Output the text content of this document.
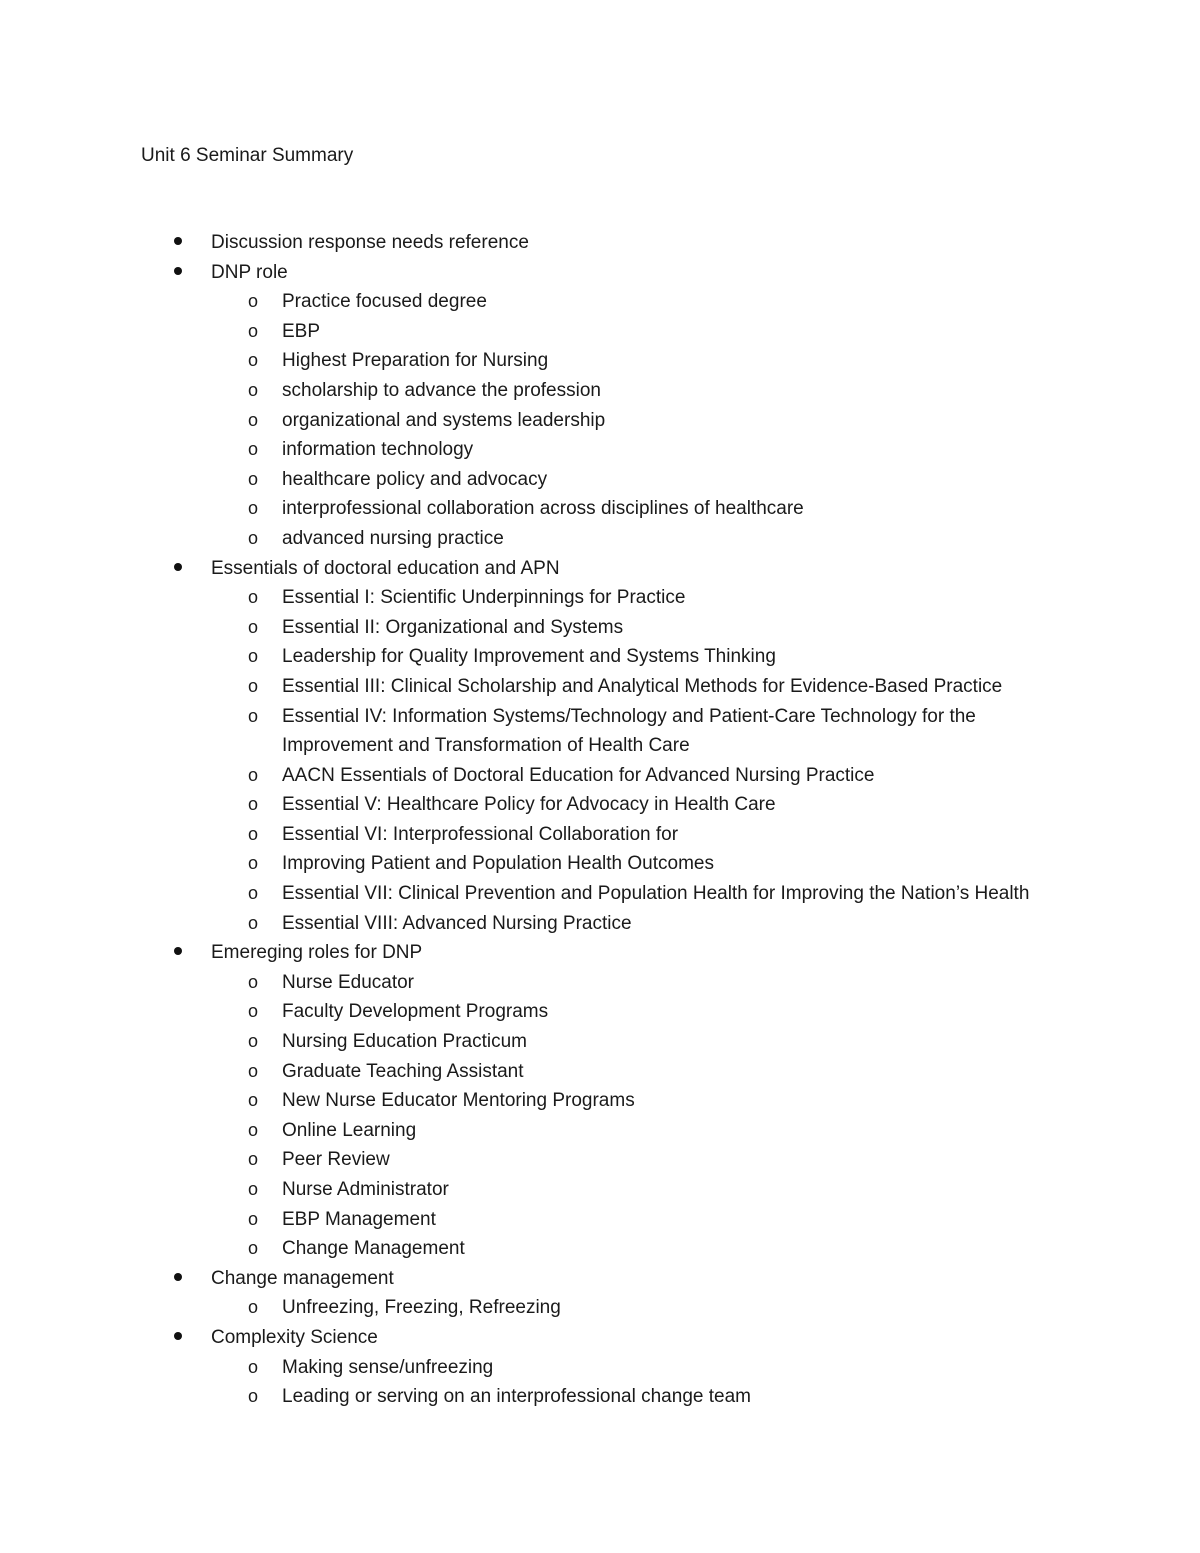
Unit 6 Seminar Summary
Discussion response needs reference
DNP role
o Practice focused degree
o EBP
o Highest Preparation for Nursing
o scholarship to advance the profession
o organizational and systems leadership
o information technology
o healthcare policy and advocacy
o interprofessional collaboration across disciplines of healthcare
o advanced nursing practice
Essentials of doctoral education and APN
o Essential I: Scientific Underpinnings for Practice
o Essential II: Organizational and Systems
o Leadership for Quality Improvement and Systems Thinking
o Essential III: Clinical Scholarship and Analytical Methods for Evidence-Based Practice
o Essential IV: Information Systems/Technology and Patient-Care Technology for the Improvement and Transformation of Health Care
o AACN Essentials of Doctoral Education for Advanced Nursing Practice
o Essential V: Healthcare Policy for Advocacy in Health Care
o Essential VI: Interprofessional Collaboration for
o Improving Patient and Population Health Outcomes
o Essential VII: Clinical Prevention and Population Health for Improving the Nation’s Health
o Essential VIII: Advanced Nursing Practice
Emereging roles for DNP
o Nurse Educator
o Faculty Development Programs
o Nursing Education Practicum
o Graduate Teaching Assistant
o New Nurse Educator Mentoring Programs
o Online Learning
o Peer Review
o Nurse Administrator
o EBP Management
o Change Management
Change management
o Unfreezing, Freezing, Refreezing
Complexity Science
o Making sense/unfreezing
o Leading or serving on an interprofessional change team
